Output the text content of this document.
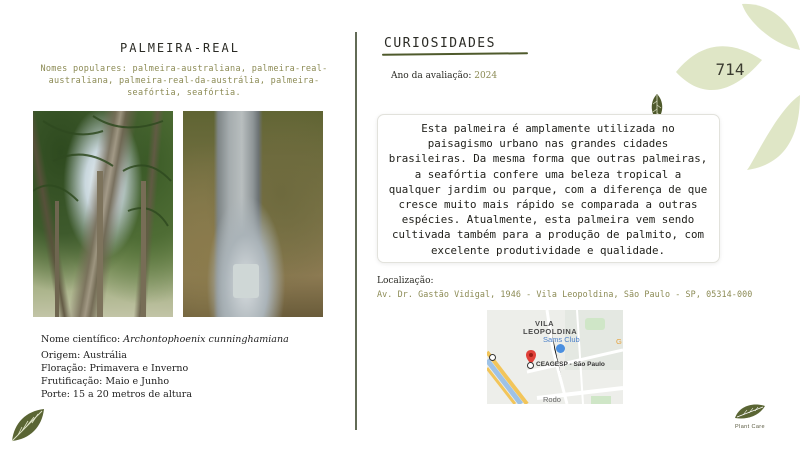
PALMEIRA-REAL
Nomes populares: palmeira-australiana, palmeira-real-australiana, palmeira-real-da-austrália, palmeira-seafórtia, seafórtia.
Nome científico: Archontophoenix cunninghamiana
Origem: Austrália
Floração: Primavera e Inverno
Frutificação: Maio e Junho
Porte: 15 a 20 metros de altura
CURIOSIDADES
Ano da avaliação: 2024
Esta palmeira é amplamente utilizada no paisagismo urbano nas grandes cidades brasileiras. Da mesma forma que outras palmeiras, a seafórtia confere uma beleza tropical a qualquer jardim ou parque, com a diferença de que cresce muito mais rápido se comparada a outras espécies. Atualmente, esta palmeira vem sendo cultivada também para a produção de palmito, com excelente produtividade e qualidade.
Localização:
Av. Dr. Gastão Vidigal, 1946 - Vila Leopoldina, São Paulo - SP, 05314-000
VILA
LEOPOLDINA
Sams Club
CEAGESP - São Paulo
Rodo
G
714
Plant Care
